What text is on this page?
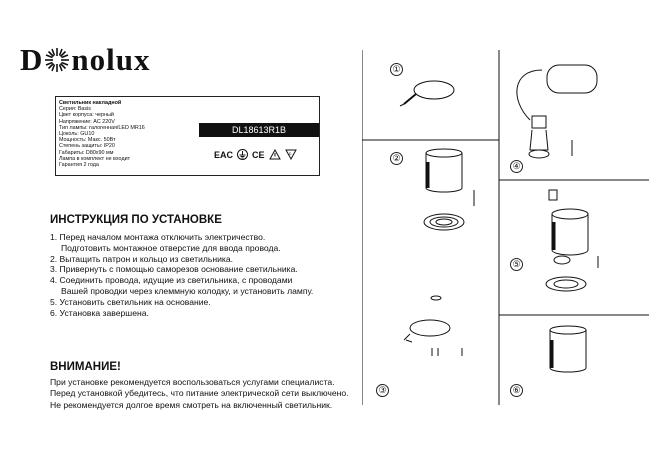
D nolux
Светильник накладной
Серия: Basis
Цвет корпуса: черный
Напряжение: AC 220V
Тип лампы: галогенная/LED MR16
Цоколь: GU10
Мощность: Макс. 50Вт
Степень защиты: IP20
Габариты: D80x90 мм
Лампа в комплект не входит
Гарантия 2 года
DL18613R1B
EAC CE	D
ИНСТРУКЦИЯ ПО УСТАНОВКЕ
1. Перед началом монтажа отключить электричество.
Подготовить монтажное отверстие для ввода провода.
2. Вытащить патрон и кольцо из светильника.
3. Привернуть с помощью саморезов основание светильника.
4. Соединить провода, идущие из светильника, с проводами
Вашей проводки через клеммную колодку, и установить лампу.
5. Установить светильник на основание.
6. Установка завершена.
ВНИМАНИЕ!
При установке рекомендуется воспользоваться услугами специалиста.
Перед установкой убедитесь, что питание электрической сети выключено.
Не рекомендуется долгое время смотреть на включенный светильник.
①
②
③
④
⑤
⑥
